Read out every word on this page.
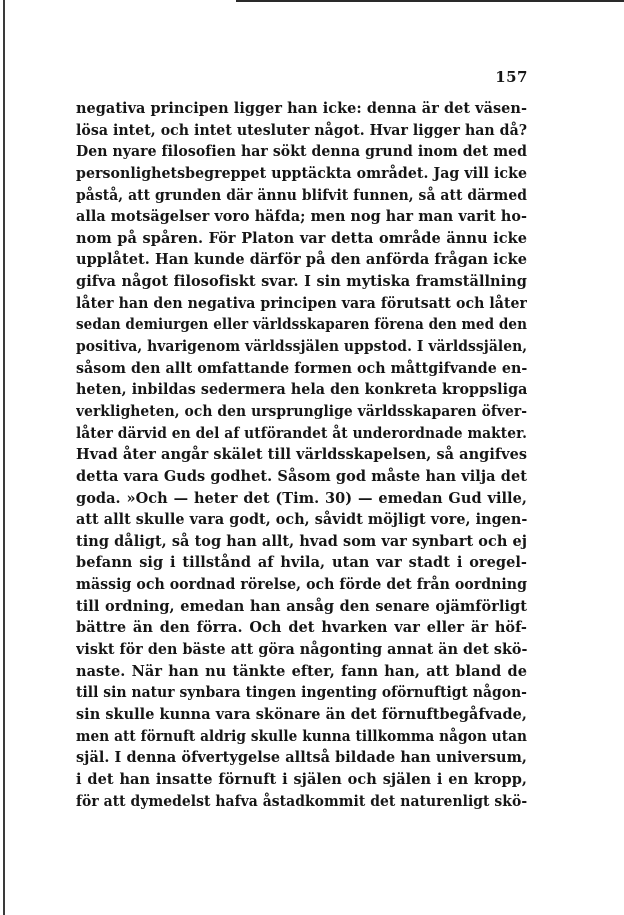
157
negativa principen ligger han icke: denna är det väsen-
lösa intet, och intet utesluter något. Hvar ligger han då?
Den nyare filosofien har sökt denna grund inom det med
personlighetsbegreppet upptäckta området. Jag vill icke
påstå, att grunden där ännu blifvit funnen, så att därmed
alla motsägelser voro häfda; men nog har man varit ho-
nom på spåren. För Platon var detta område ännu icke
upplåtet. Han kunde därför på den anförda frågan icke
gifva något filosofiskt svar. I sin mytiska framställning
låter han den negativa principen vara förutsatt och låter
sedan demiurgen eller världsskaparen förena den med den
positiva, hvarigenom världssjälen uppstod. I världssjälen,
såsom den allt omfattande formen och måttgifvande en-
heten, inbildas sedermera hela den konkreta kroppsliga
verkligheten, och den ursprunglige världsskaparen öfver-
låter därvid en del af utförandet åt underordnade makter.
Hvad åter angår skälet till världsskapelsen, så angifves
detta vara Guds godhet. Såsom god måste han vilja det
goda. »Och — heter det (Tim. 30) — emedan Gud ville,
att allt skulle vara godt, och, såvidt möjligt vore, ingen-
ting dåligt, så tog han allt, hvad som var synbart och ej
befann sig i tillstånd af hvila, utan var stadt i oregel-
mässig och oordnad rörelse, och förde det från oordning
till ordning, emedan han ansåg den senare ojämförligt
bättre än den förra. Och det hvarken var eller är höf-
viskt för den bäste att göra någonting annat än det skö-
naste. När han nu tänkte efter, fann han, att bland de
till sin natur synbara tingen ingenting oförnuftigt någon-
sin skulle kunna vara skönare än det förnuftbegåfvade,
men att förnuft aldrig skulle kunna tillkomma någon utan
själ. I denna öfvertygelse alltså bildade han universum,
i det han insatte förnuft i själen och själen i en kropp,
för att dymedelst hafva åstadkommit det naturenligt skö-
